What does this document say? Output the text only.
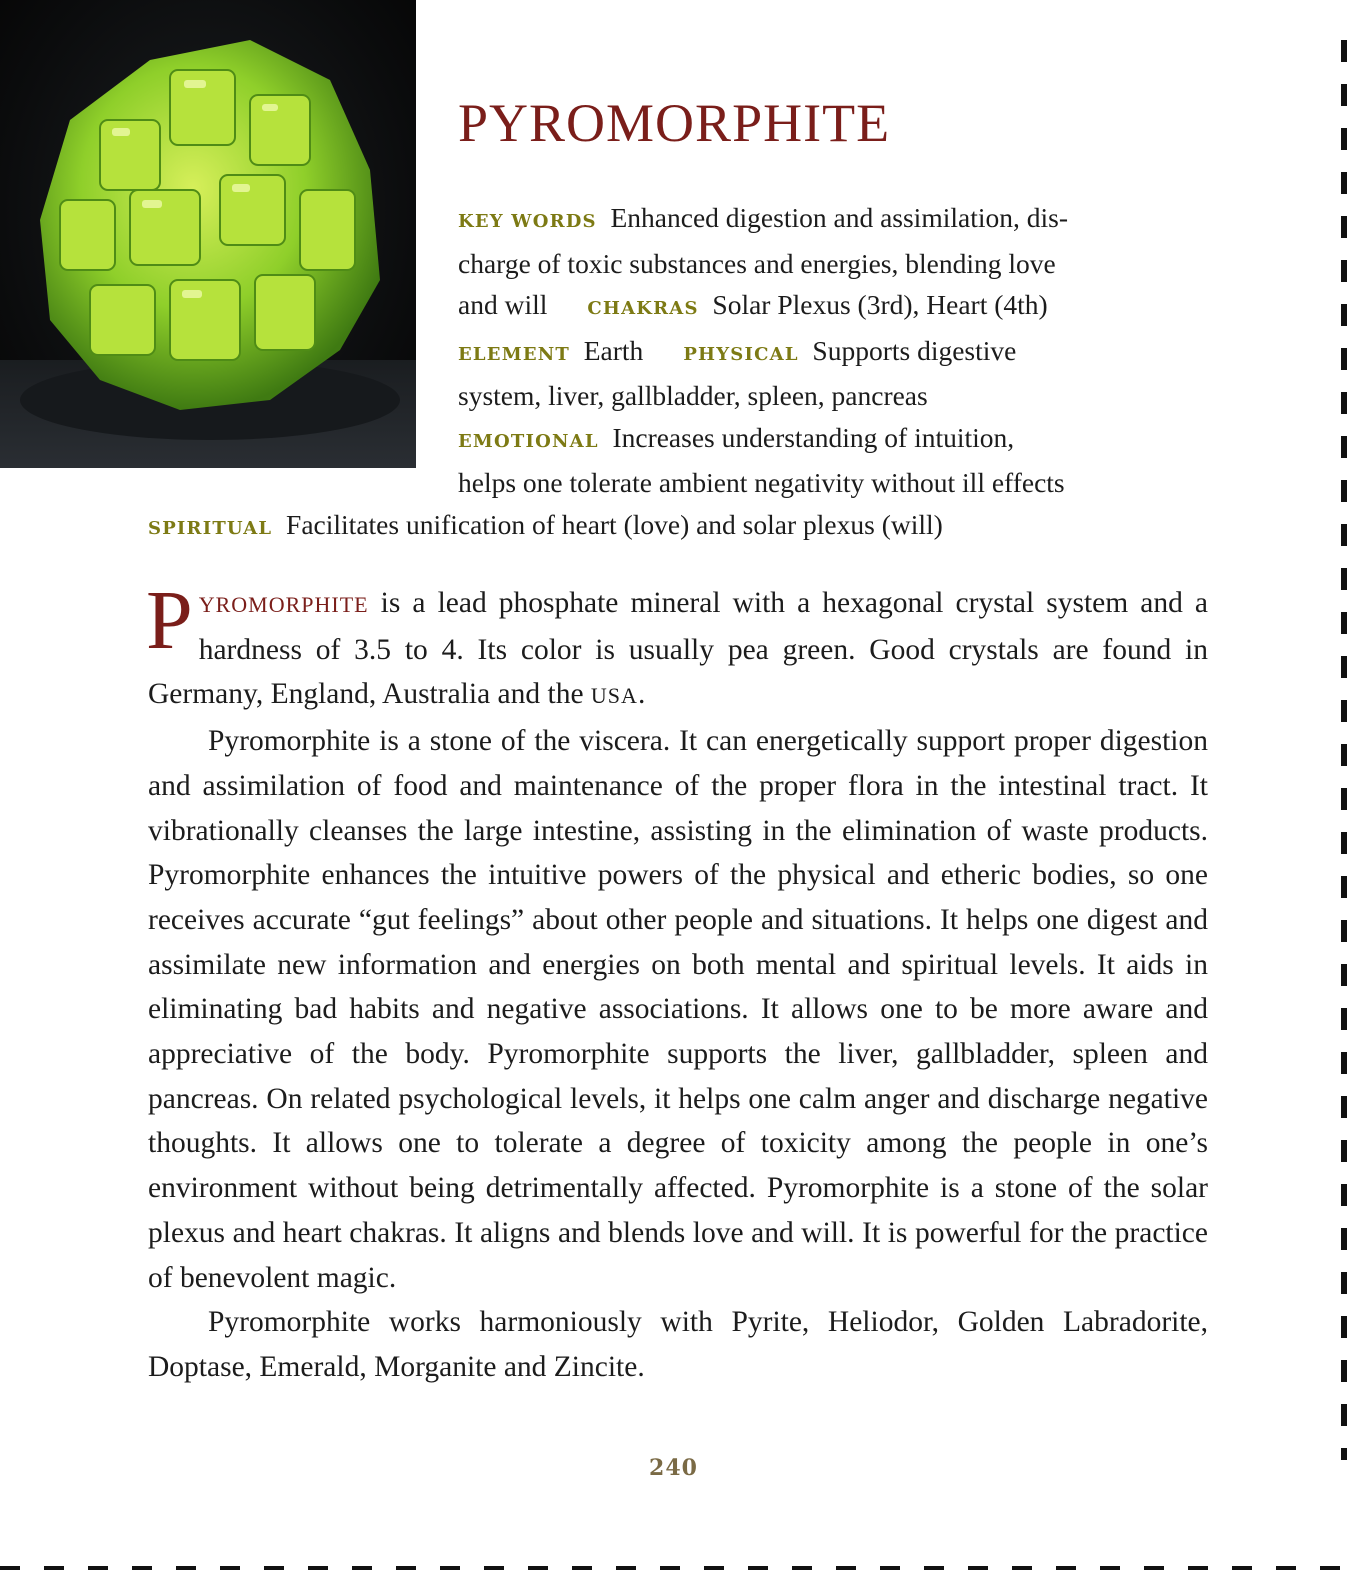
PYROMORPHITE
KEY WORDS Enhanced digestion and assimilation, dis-
charge of toxic substances and energies, blending love
and will CHAKRAS Solar Plexus (3rd), Heart (4th)
ELEMENT Earth PHYSICAL Supports digestive
system, liver, gallbladder, spleen, pancreas
EMOTIONAL Increases understanding of intuition,
helps one tolerate ambient negativity without ill effects
SPIRITUAL Facilitates unification of heart (love) and solar plexus (will)

PYROMORPHITE is a lead phosphate mineral with a hexagonal crystal system and a hardness of 3.5 to 4. Its color is usually pea green. Good crystals are found in Germany, England, Australia and the USA.

Pyromorphite is a stone of the viscera. It can energetically support proper digestion and assimilation of food and maintenance of the proper flora in the intestinal tract. It vibrationally cleanses the large intestine, assisting in the elimination of waste products. Pyromorphite enhances the intuitive powers of the physical and etheric bodies, so one receives accurate “gut feelings” about other people and situations. It helps one digest and assimilate new information and energies on both mental and spiritual levels. It aids in eliminating bad habits and negative associations. It allows one to be more aware and appreciative of the body. Pyromorphite supports the liver, gallbladder, spleen and pancreas. On related psychological levels, it helps one calm anger and discharge negative thoughts. It allows one to tolerate a degree of toxicity among the people in one’s environment without being detrimentally affected. Pyromorphite is a stone of the solar plexus and heart chakras. It aligns and blends love and will. It is powerful for the practice of benevolent magic.

Pyromorphite works harmoniously with Pyrite, Heliodor, Golden Labradorite, Doptase, Emerald, Morganite and Zincite.

240
